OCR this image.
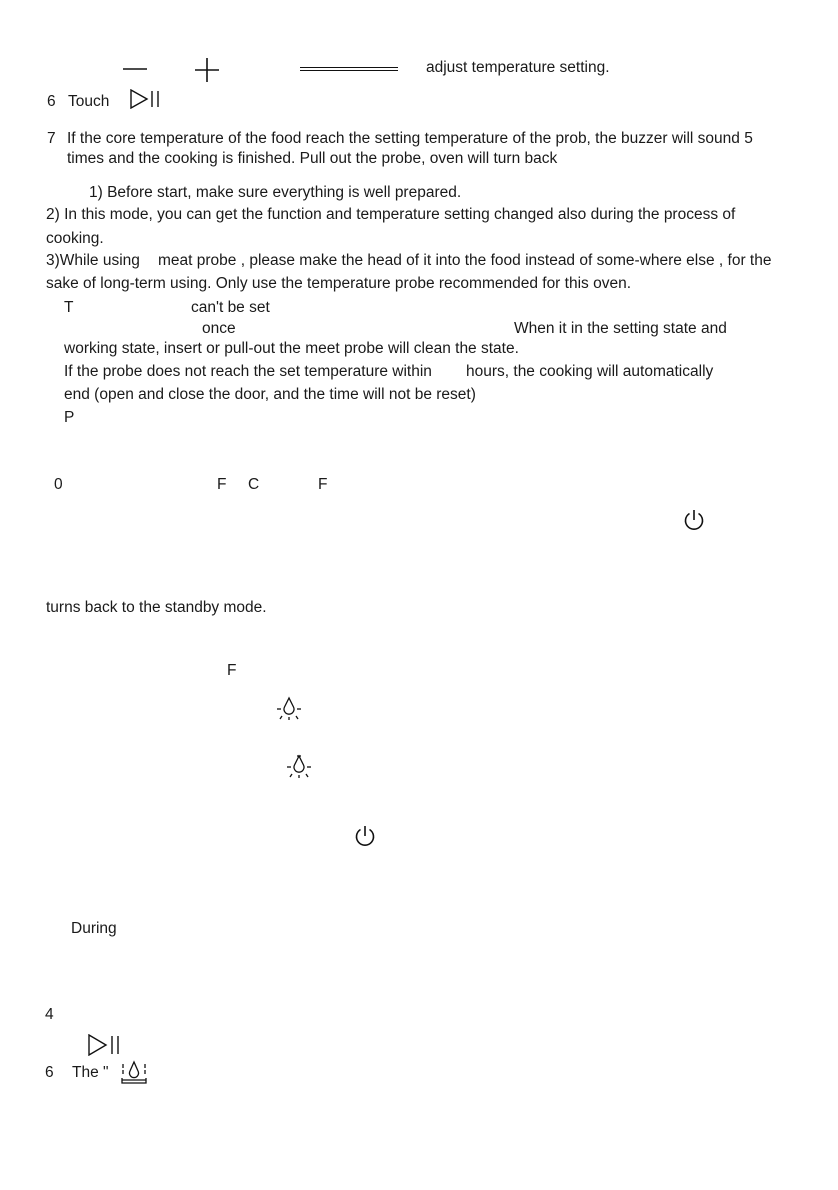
adjust temperature setting.
6 Touch
7 If the core temperature of the food reach the setting temperature of the prob, the buzzer will sound 5
times and the cooking is finished. Pull out the probe, oven will turn back
1) Before start, make sure everything is well prepared.
2) In this mode, you can get the function and temperature setting changed also during the process of
cooking.
3)While using meat probe , please make the head of it into the food instead of some-where else , for the
sake of long-term using. Only use the temperature probe recommended for this oven.
T	can't be set
once	When it in the setting state and
working state, insert or pull-out the meet probe will clean the state.
If the probe does not reach the set temperature within hours, the cooking will automatically
end (open and close the door, and the time will not be reset)
P
0	F C	F
turns back to the standby mode.
F
During
4
6 The "
